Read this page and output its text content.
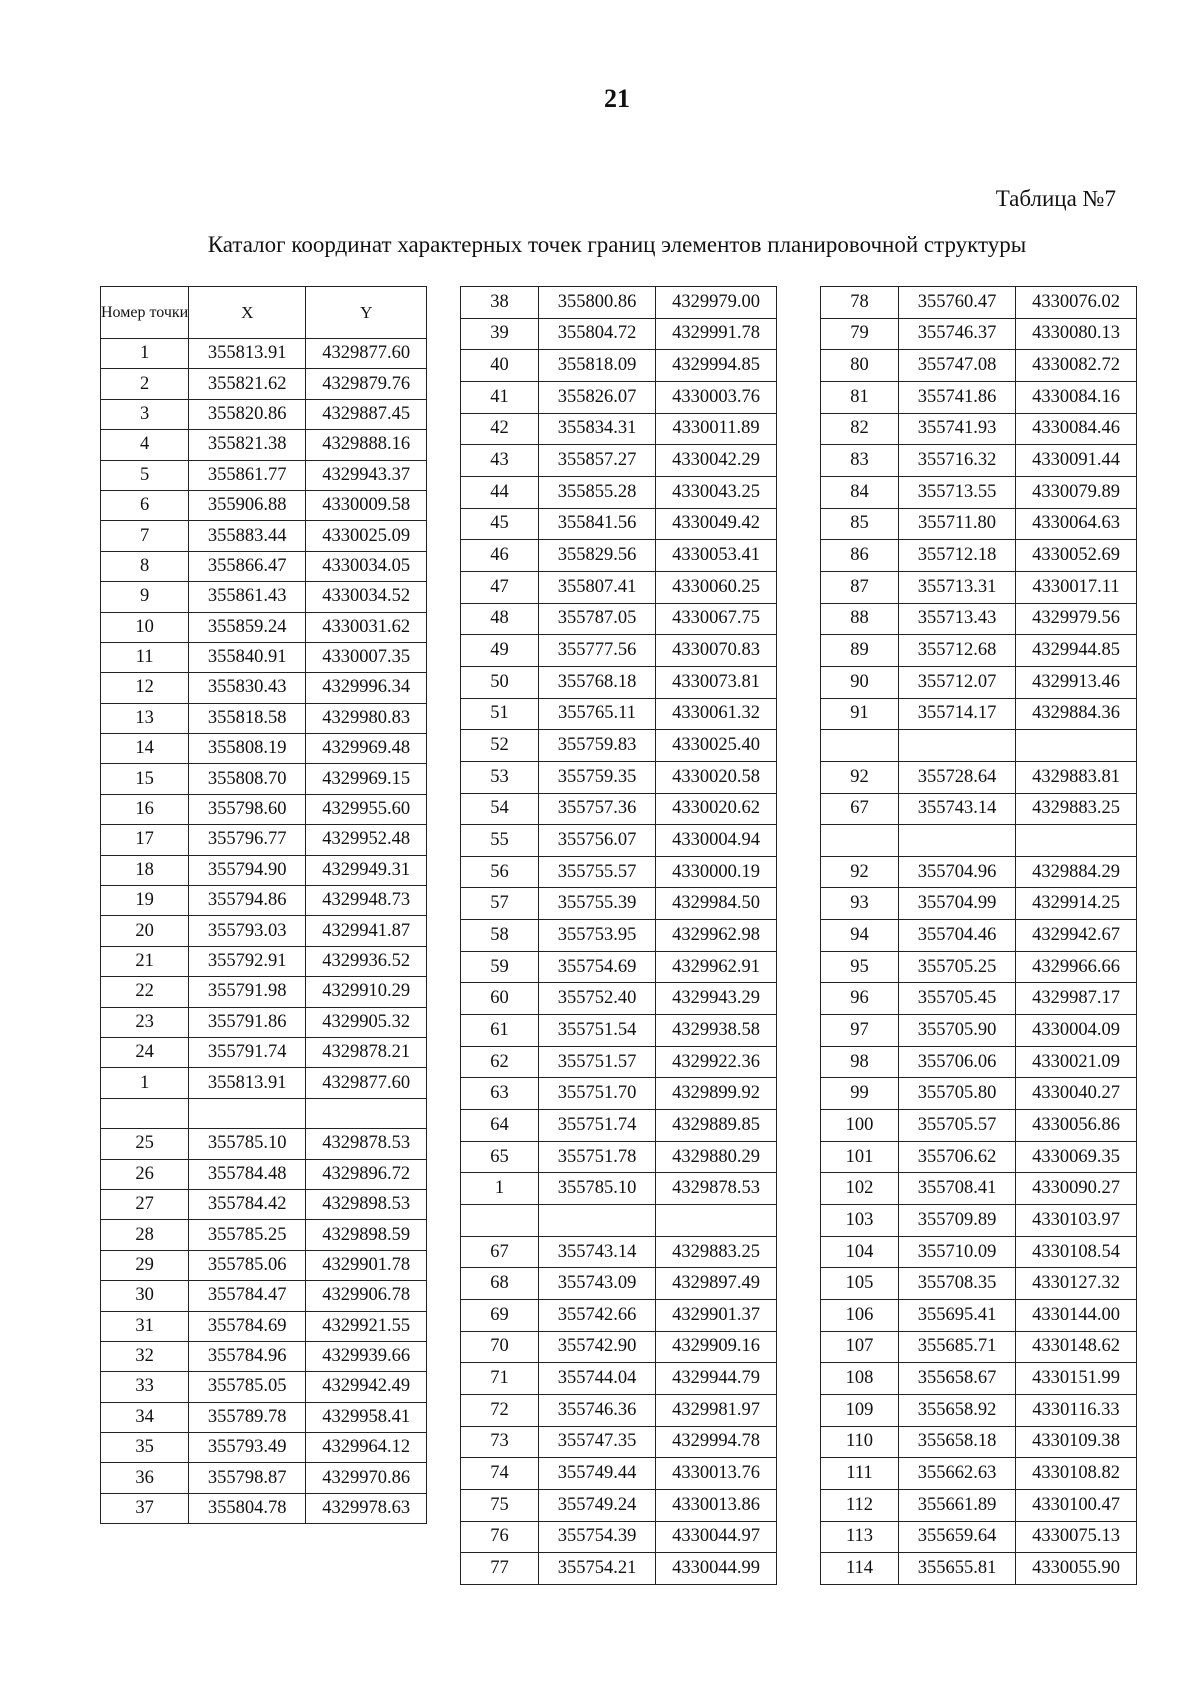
21
Таблица №7
Каталог координат характерных точек границ элементов планировочной структуры
Номер точки	X	Y
1	355813.91	4329877.60
2	355821.62	4329879.76
3	355820.86	4329887.45
4	355821.38	4329888.16
5	355861.77	4329943.37
6	355906.88	4330009.58
7	355883.44	4330025.09
8	355866.47	4330034.05
9	355861.43	4330034.52
10	355859.24	4330031.62
11	355840.91	4330007.35
12	355830.43	4329996.34
13	355818.58	4329980.83
14	355808.19	4329969.48
15	355808.70	4329969.15
16	355798.60	4329955.60
17	355796.77	4329952.48
18	355794.90	4329949.31
19	355794.86	4329948.73
20	355793.03	4329941.87
21	355792.91	4329936.52
22	355791.98	4329910.29
23	355791.86	4329905.32
24	355791.74	4329878.21
1	355813.91	4329877.60

25	355785.10	4329878.53
26	355784.48	4329896.72
27	355784.42	4329898.53
28	355785.25	4329898.59
29	355785.06	4329901.78
30	355784.47	4329906.78
31	355784.69	4329921.55
32	355784.96	4329939.66
33	355785.05	4329942.49
34	355789.78	4329958.41
35	355793.49	4329964.12
36	355798.87	4329970.86
37	355804.78	4329978.63
38	355800.86	4329979.00
39	355804.72	4329991.78
40	355818.09	4329994.85
41	355826.07	4330003.76
42	355834.31	4330011.89
43	355857.27	4330042.29
44	355855.28	4330043.25
45	355841.56	4330049.42
46	355829.56	4330053.41
47	355807.41	4330060.25
48	355787.05	4330067.75
49	355777.56	4330070.83
50	355768.18	4330073.81
51	355765.11	4330061.32
52	355759.83	4330025.40
53	355759.35	4330020.58
54	355757.36	4330020.62
55	355756.07	4330004.94
56	355755.57	4330000.19
57	355755.39	4329984.50
58	355753.95	4329962.98
59	355754.69	4329962.91
60	355752.40	4329943.29
61	355751.54	4329938.58
62	355751.57	4329922.36
63	355751.70	4329899.92
64	355751.74	4329889.85
65	355751.78	4329880.29
1	355785.10	4329878.53

67	355743.14	4329883.25
68	355743.09	4329897.49
69	355742.66	4329901.37
70	355742.90	4329909.16
71	355744.04	4329944.79
72	355746.36	4329981.97
73	355747.35	4329994.78
74	355749.44	4330013.76
75	355749.24	4330013.86
76	355754.39	4330044.97
77	355754.21	4330044.99
78	355760.47	4330076.02
79	355746.37	4330080.13
80	355747.08	4330082.72
81	355741.86	4330084.16
82	355741.93	4330084.46
83	355716.32	4330091.44
84	355713.55	4330079.89
85	355711.80	4330064.63
86	355712.18	4330052.69
87	355713.31	4330017.11
88	355713.43	4329979.56
89	355712.68	4329944.85
90	355712.07	4329913.46
91	355714.17	4329884.36

92	355728.64	4329883.81
67	355743.14	4329883.25

92	355704.96	4329884.29
93	355704.99	4329914.25
94	355704.46	4329942.67
95	355705.25	4329966.66
96	355705.45	4329987.17
97	355705.90	4330004.09
98	355706.06	4330021.09
99	355705.80	4330040.27
100	355705.57	4330056.86
101	355706.62	4330069.35
102	355708.41	4330090.27
103	355709.89	4330103.97
104	355710.09	4330108.54
105	355708.35	4330127.32
106	355695.41	4330144.00
107	355685.71	4330148.62
108	355658.67	4330151.99
109	355658.92	4330116.33
110	355658.18	4330109.38
111	355662.63	4330108.82
112	355661.89	4330100.47
113	355659.64	4330075.13
114	355655.81	4330055.90
